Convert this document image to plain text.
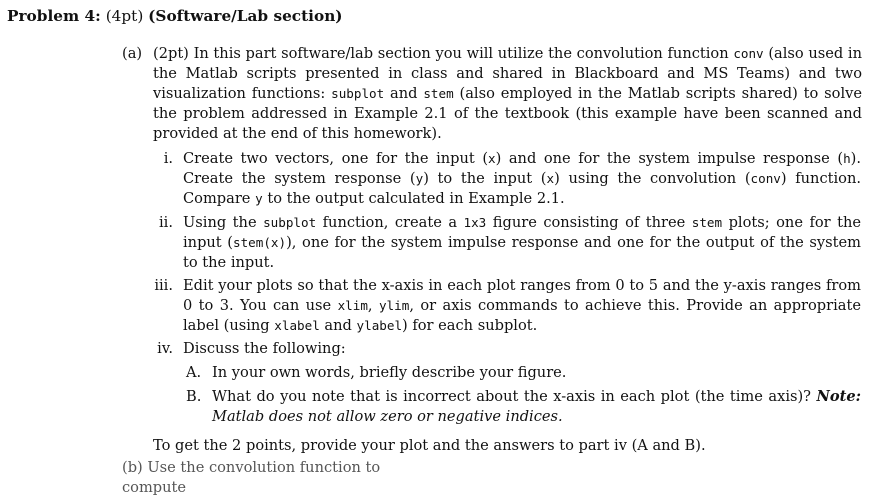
Problem 4: (4pt) (Software/Lab section)
(a) (2pt) In this part software/lab section you will utilize the convolution function conv (also used in the Matlab scripts presented in class and shared in Blackboard and MS Teams) and two visualization functions: subplot and stem (also employed in the Matlab scripts shared) to solve the problem addressed in Example 2.1 of the textbook (this example have been scanned and provided at the end of this homework).
i. Create two vectors, one for the input (x) and one for the system impulse response (h). Create the system response (y) to the input (x) using the convolution (conv) function. Compare y to the output calculated in Example 2.1.
ii. Using the subplot function, create a 1x3 figure consisting of three stem plots; one for the input (stem(x)), one for the system impulse response and one for the output of the system to the input.
iii. Edit your plots so that the x-axis in each plot ranges from 0 to 5 and the y-axis ranges from 0 to 3. You can use xlim, ylim, or axis commands to achieve this. Provide an appropriate label (using xlabel and ylabel) for each subplot.
iv. Discuss the following:
A. In your own words, briefly describe your figure.
B. What do you note that is incorrect about the x-axis in each plot (the time axis)? Note: Matlab does not allow zero or negative indices.
To get the 2 points, provide your plot and the answers to part iv (A and B).
(b) Use the convolution function to compute
